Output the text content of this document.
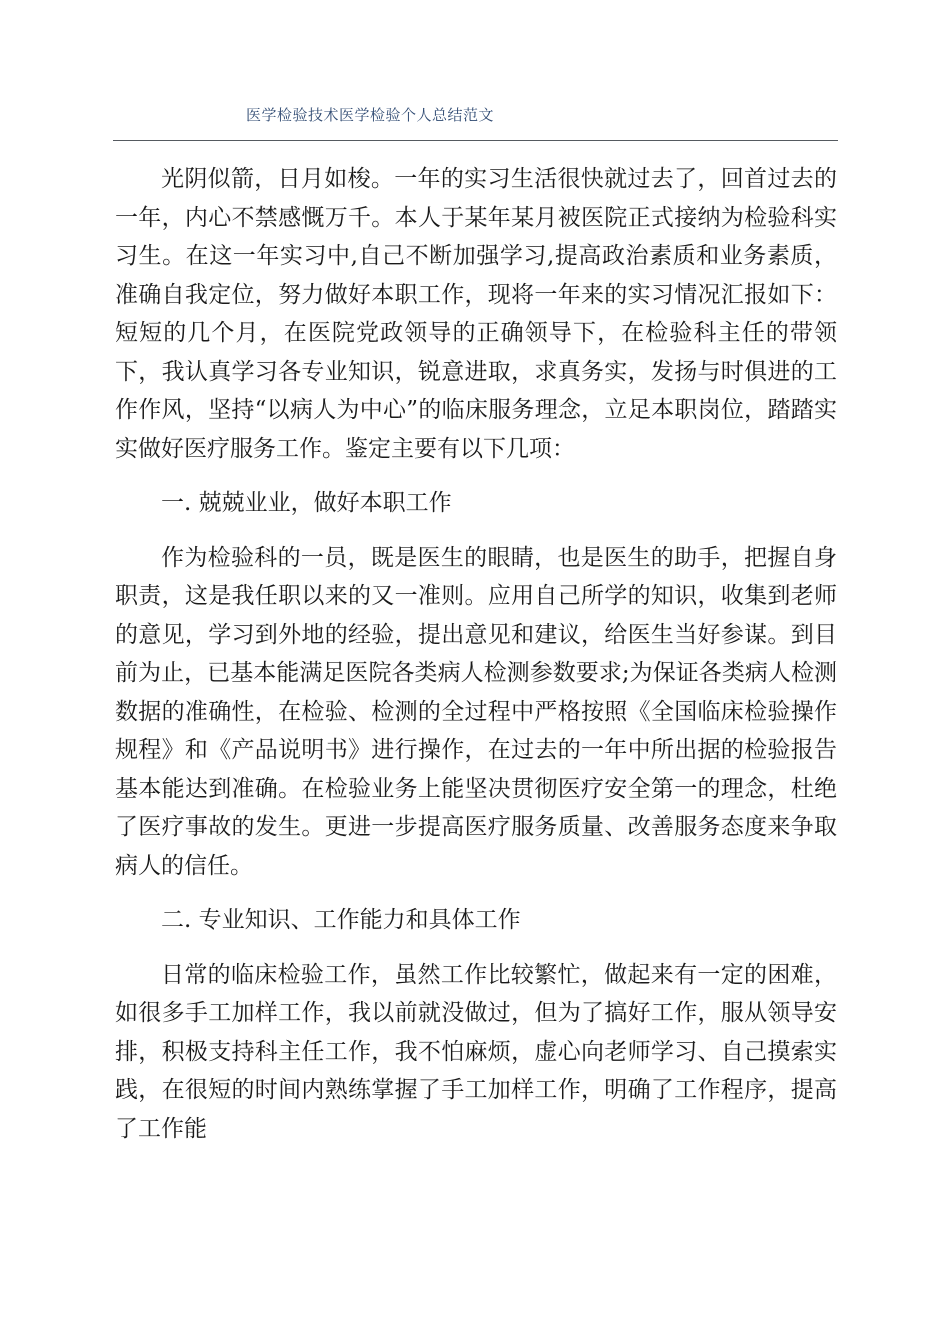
医学检验技术医学检验个人总结范文

光阴似箭，日月如梭。一年的实习生活很快就过去了，回首过去的一年，内心不禁感慨万千。本人于某年某月被医院正式接纳为检验科实习生。在这一年实习中,自己不断加强学习,提高政治素质和业务素质，准确自我定位，努力做好本职工作，现将一年来的实习情况汇报如下：短短的几个月，在医院党政领导的正确领导下，在检验科主任的带领下，我认真学习各专业知识，锐意进取，求真务实，发扬与时俱进的工作作风，坚持“以病人为中心”的临床服务理念，立足本职岗位，踏踏实实做好医疗服务工作。鉴定主要有以下几项：

一. 兢兢业业，做好本职工作

作为检验科的一员，既是医生的眼睛，也是医生的助手，把握自身职责，这是我任职以来的又一准则。应用自己所学的知识，收集到老师的意见，学习到外地的经验，提出意见和建议，给医生当好参谋。到目前为止，已基本能满足医院各类病人检测参数要求;为保证各类病人检测数据的准确性，在检验、检测的全过程中严格按照《全国临床检验操作规程》和《产品说明书》进行操作，在过去的一年中所出据的检验报告基本能达到准确。在检验业务上能坚决贯彻医疗安全第一的理念，杜绝了医疗事故的发生。更进一步提高医疗服务质量、改善服务态度来争取病人的信任。

二. 专业知识、工作能力和具体工作

日常的临床检验工作，虽然工作比较繁忙，做起来有一定的困难，如很多手工加样工作，我以前就没做过，但为了搞好工作，服从领导安排，积极支持科主任工作，我不怕麻烦，虚心向老师学习、自己摸索实践，在很短的时间内熟练掌握了手工加样工作，明确了工作程序，提高了工作能
